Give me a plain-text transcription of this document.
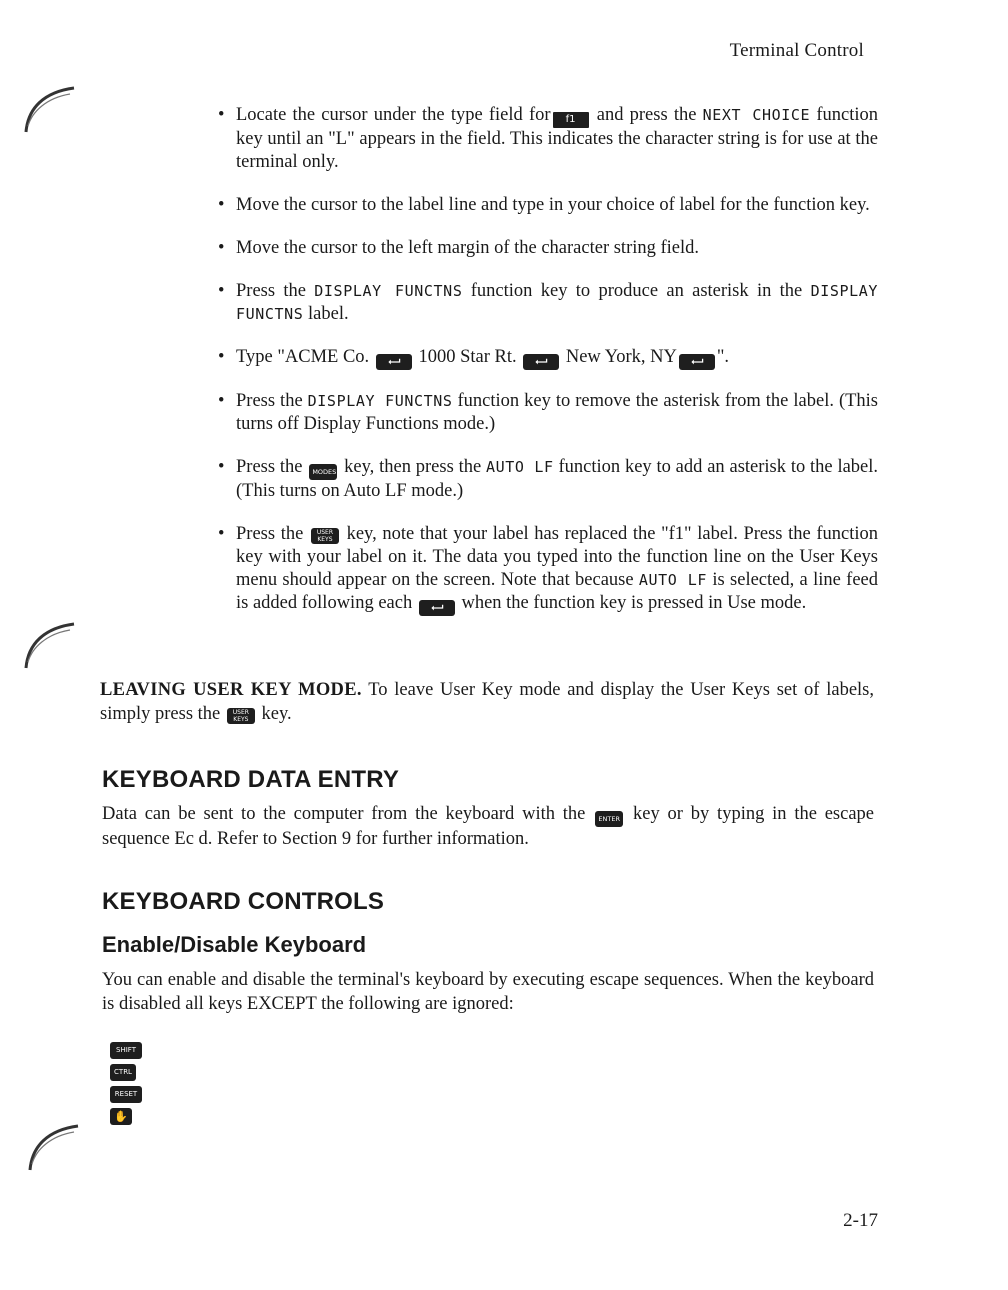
Terminal Control
• Locate the cursor under the type field for f1 and press the NEXT CHOICE function key until an "L" appears in the field. This indicates the character string is for use at the terminal only.
• Move the cursor to the label line and type in your choice of label for the function key.
• Move the cursor to the left margin of the character string field.
• Press the DISPLAY FUNCTNS function key to produce an asterisk in the DISPLAY FUNCTNS label.
• Type "ACME Co.	1000 Star Rt.	New York, NY ".
• Press the DISPLAY FUNCTNS function key to remove the asterisk from the label. (This turns off Display Functions mode.)
• Press the MODES key, then press the AUTO LF function key to add an asterisk to the label. (This turns on Auto LF mode.)
• Press the USER
KEYS key, note that your label has replaced the "f1" label. Press the function key with your label on it. The data you typed into the function line on the User Keys menu should appear on the screen. Note that because AUTO LF is selected, a line feed is added following each	when the function key is pressed in Use mode.
LEAVING USER KEY MODE. To leave User Key mode and display the User Keys set of labels, simply press the USER
KEYS key.
KEYBOARD DATA ENTRY
Data can be sent to the computer from the keyboard with the ENTER key or by typing in the escape sequence Ec d. Refer to Section 9 for further information.
KEYBOARD CONTROLS
Enable/Disable Keyboard
You can enable and disable the terminal's keyboard by executing escape sequences. When the keyboard is disabled all keys EXCEPT the following are ignored:
SHIFT
CTRL
RESET
✋
2-17
